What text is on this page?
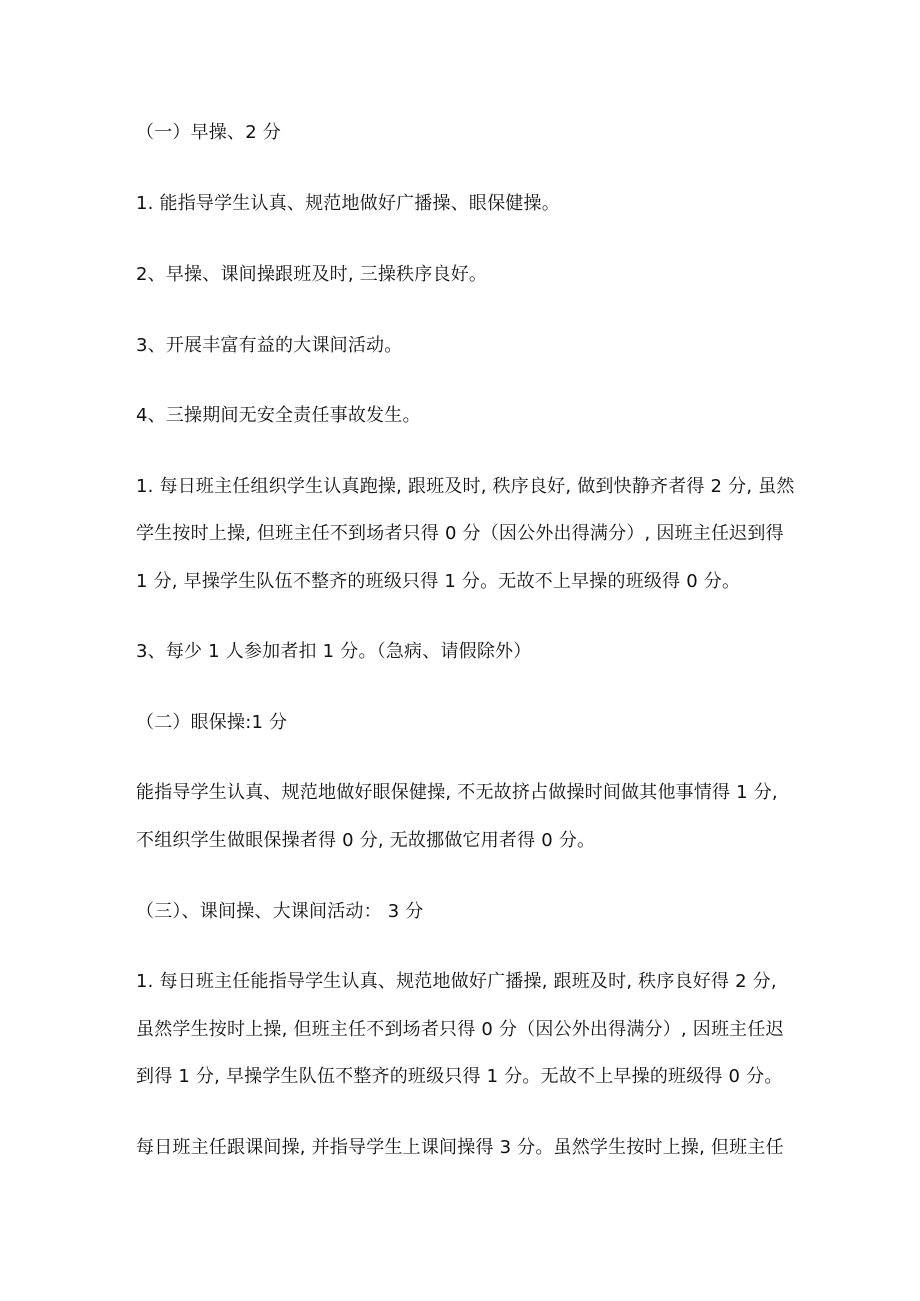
（一）早操、2 分

1. 能指导学生认真、规范地做好广播操、眼保健操。

2、早操、课间操跟班及时, 三操秩序良好。

3、开展丰富有益的大课间活动。

4、三操期间无安全责任事故发生。

1. 每日班主任组织学生认真跑操, 跟班及时, 秩序良好, 做到快静齐者得 2 分, 虽然

学生按时上操, 但班主任不到场者只得 0 分（因公外出得满分）, 因班主任迟到得

1 分, 早操学生队伍不整齐的班级只得 1 分。无故不上早操的班级得 0 分。

3、每少 1 人参加者扣 1 分。（急病、请假除外）

（二）眼保操:1 分

能指导学生认真、规范地做好眼保健操, 不无故挤占做操时间做其他事情得 1 分,

不组织学生做眼保操者得 0 分, 无故挪做它用者得 0 分。

（三）、课间操、大课间活动： 3 分

1. 每日班主任能指导学生认真、规范地做好广播操, 跟班及时, 秩序良好得 2 分,

虽然学生按时上操, 但班主任不到场者只得 0 分（因公外出得满分）, 因班主任迟

到得 1 分, 早操学生队伍不整齐的班级只得 1 分。无故不上早操的班级得 0 分。

每日班主任跟课间操, 并指导学生上课间操得 3 分。虽然学生按时上操, 但班主任
